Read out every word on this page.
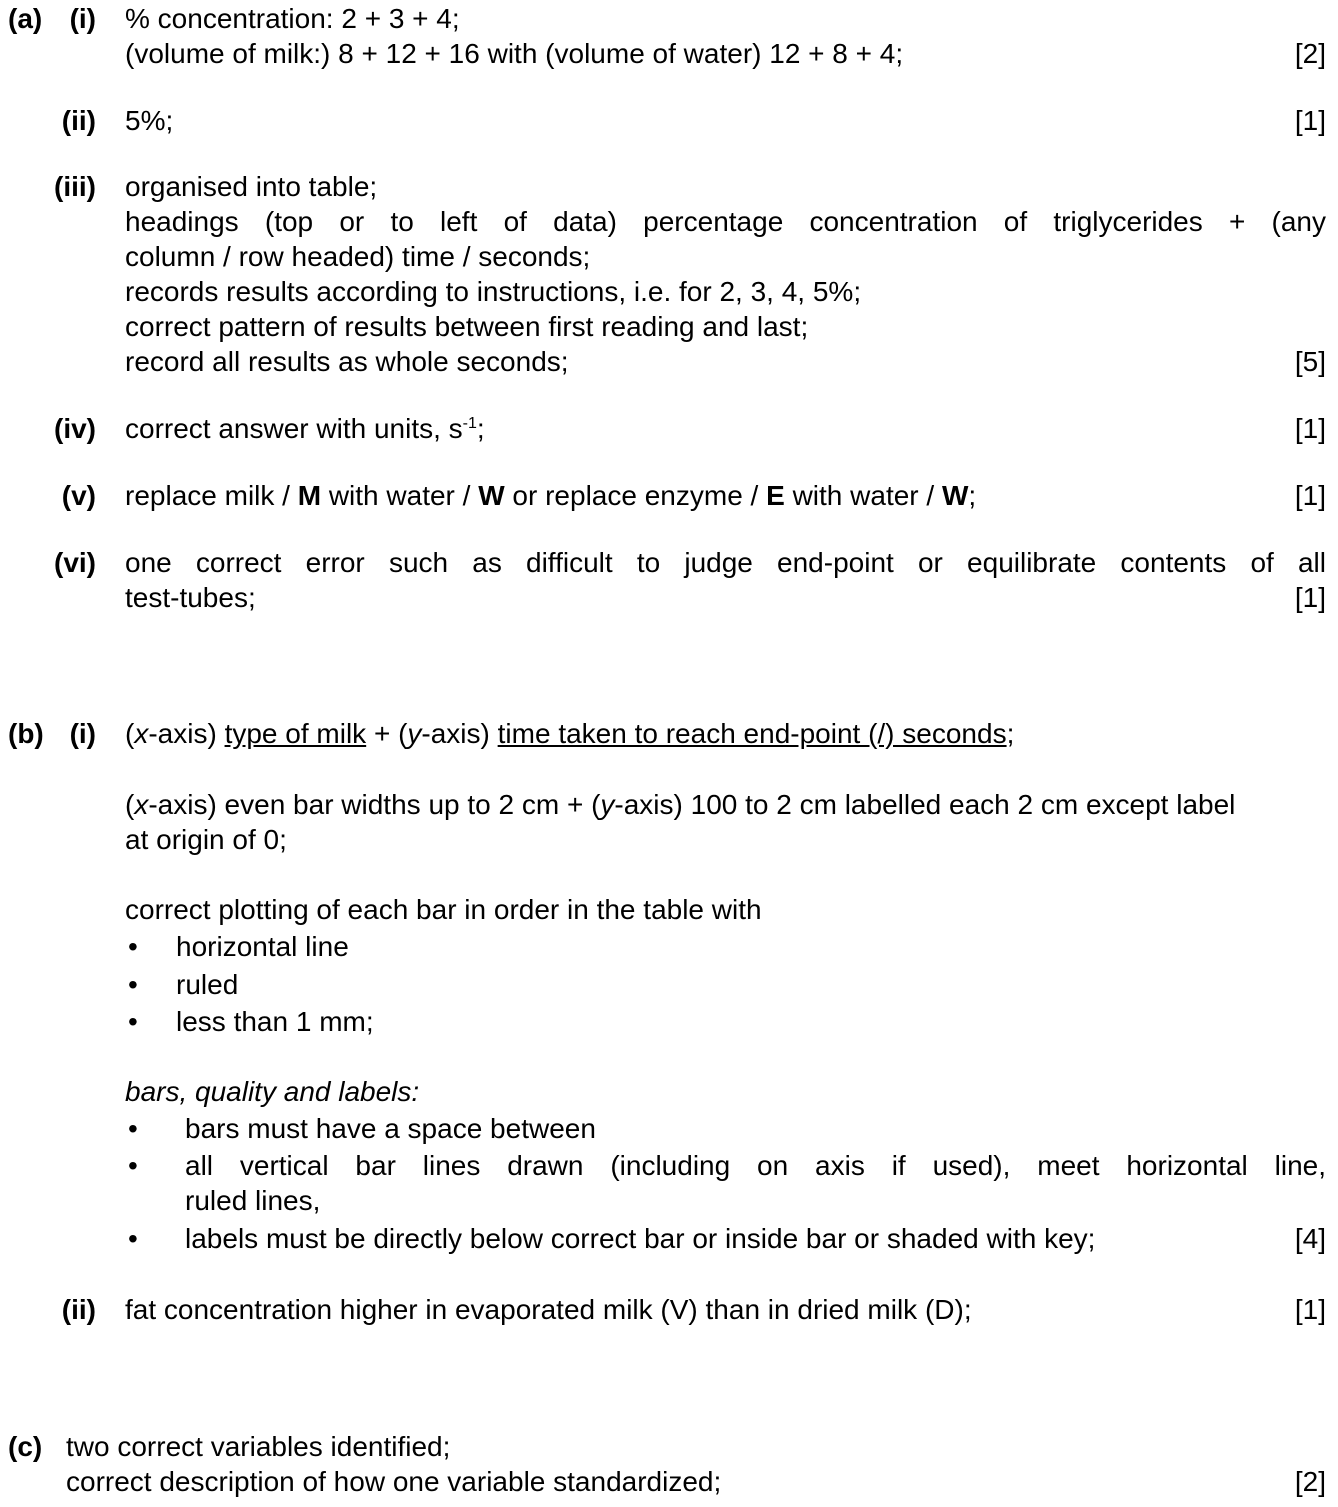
(a) (i) % concentration: 2 + 3 + 4;
(volume of milk:) 8 + 12 + 16 with (volume of water) 12 + 8 + 4;	[2]
(ii) 5%;	[1]
(iii) organised into table;
headings (top or to left of data) percentage concentration of triglycerides + (any
column / row headed) time / seconds;
records results according to instructions, i.e. for 2, 3, 4, 5%;
correct pattern of results between first reading and last;
record all results as whole seconds;	[5]
(iv) correct answer with units, $s^{-1}$;	[1]
(v) replace milk / M with water / W or replace enzyme / E with water / W;	[1]
(vi) one correct error such as difficult to judge end-point or equilibrate contents of all
test-tubes;	[1]
(b) (i) (x-axis) type of milk + (y-axis) time taken to reach end-point (/) seconds;
(x-axis) even bar widths up to 2 cm + (y-axis) 100 to 2 cm labelled each 2 cm except label
at origin of 0;
correct plotting of each bar in order in the table with
• horizontal line
• ruled
• less than 1 mm;
bars, quality and labels:
• bars must have a space between
• all vertical bar lines drawn (including on axis if used), meet horizontal line,
ruled lines,
• labels must be directly below correct bar or inside bar or shaded with key;	[4]
(ii) fat concentration higher in evaporated milk (V) than in dried milk (D);	[1]
(c) two correct variables identified;
correct description of how one variable standardized;	[2]
